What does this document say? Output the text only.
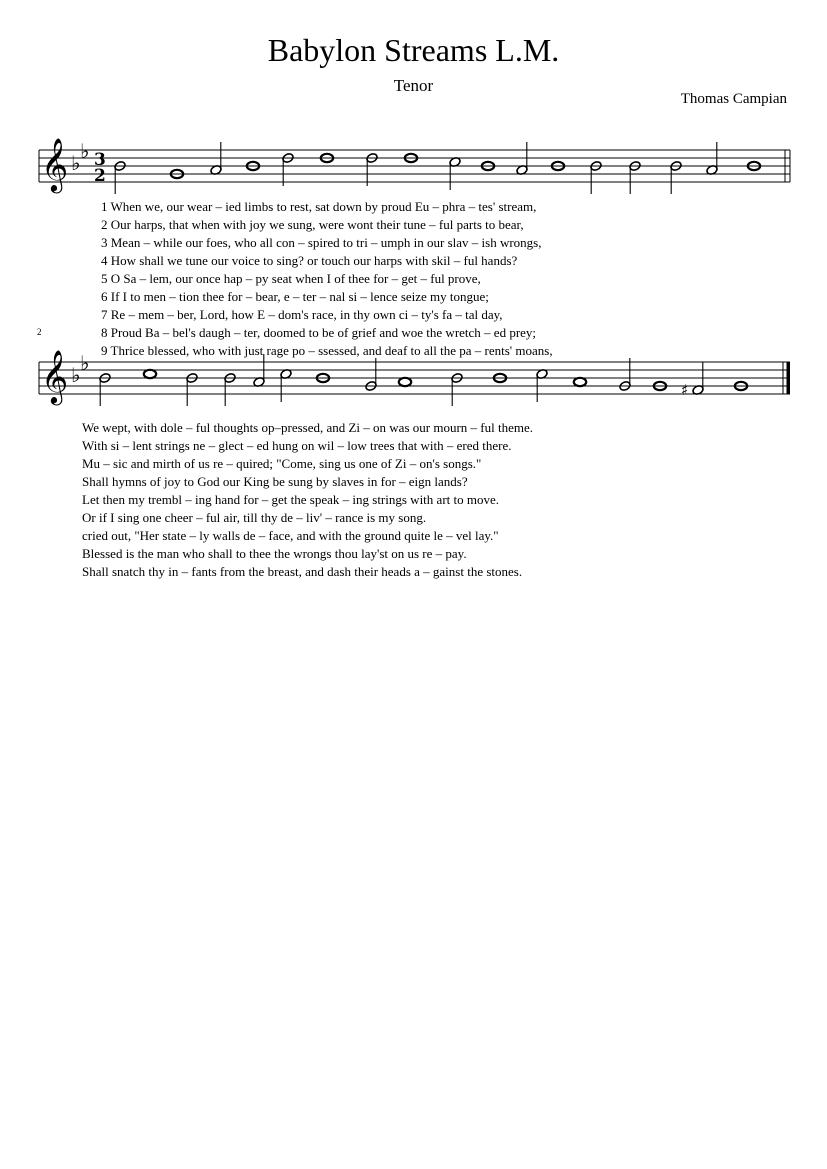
Babylon Streams L.M.
Tenor
Thomas Campian
2
𝄞 ♭ ♭ 3
2
𝄞 ♭ ♭
♯
1 When we, our wear – ied limbs to rest, sat down by proud Eu – phra – tes' stream,
2 Our harps, that when with joy we sung, were wont their tune – ful parts to bear,
3 Mean – while our foes, who all con – spired to tri – umph in our slav – ish wrongs,
4 How shall we tune our voice to sing? or touch our harps with skil – ful hands?
5 O Sa – lem, our once hap – py seat when I of thee for – get – ful prove,
6 If I to men – tion thee for – bear, e – ter – nal si – lence seize my tongue;
7 Re – mem – ber, Lord, how E – dom's race, in thy own ci – ty's fa – tal day,
8 Proud Ba – bel's daugh – ter, doomed to be of grief and woe the wretch – ed prey;
9 Thrice blessed, who with just rage po – ssessed, and deaf to all the pa – rents' moans,
We wept, with dole – ful thoughts op–pressed, and Zi – on was our mourn – ful theme.
With si – lent strings ne – glect – ed hung on wil – low trees that with – ered there.
Mu – sic and mirth of us re – quired; "Come, sing us one of Zi – on's songs."
Shall hymns of joy to God our King be sung by slaves in for – eign lands?
Let then my trembl – ing hand for – get the speak – ing strings with art to move.
Or if I sing one cheer – ful air, till thy de – liv' – rance is my song.
cried out, "Her state – ly walls de – face, and with the ground quite le – vel lay."
Blessed is the man who shall to thee the wrongs thou lay'st on us re – pay.
Shall snatch thy in – fants from the breast, and dash their heads a – gainst the stones.
